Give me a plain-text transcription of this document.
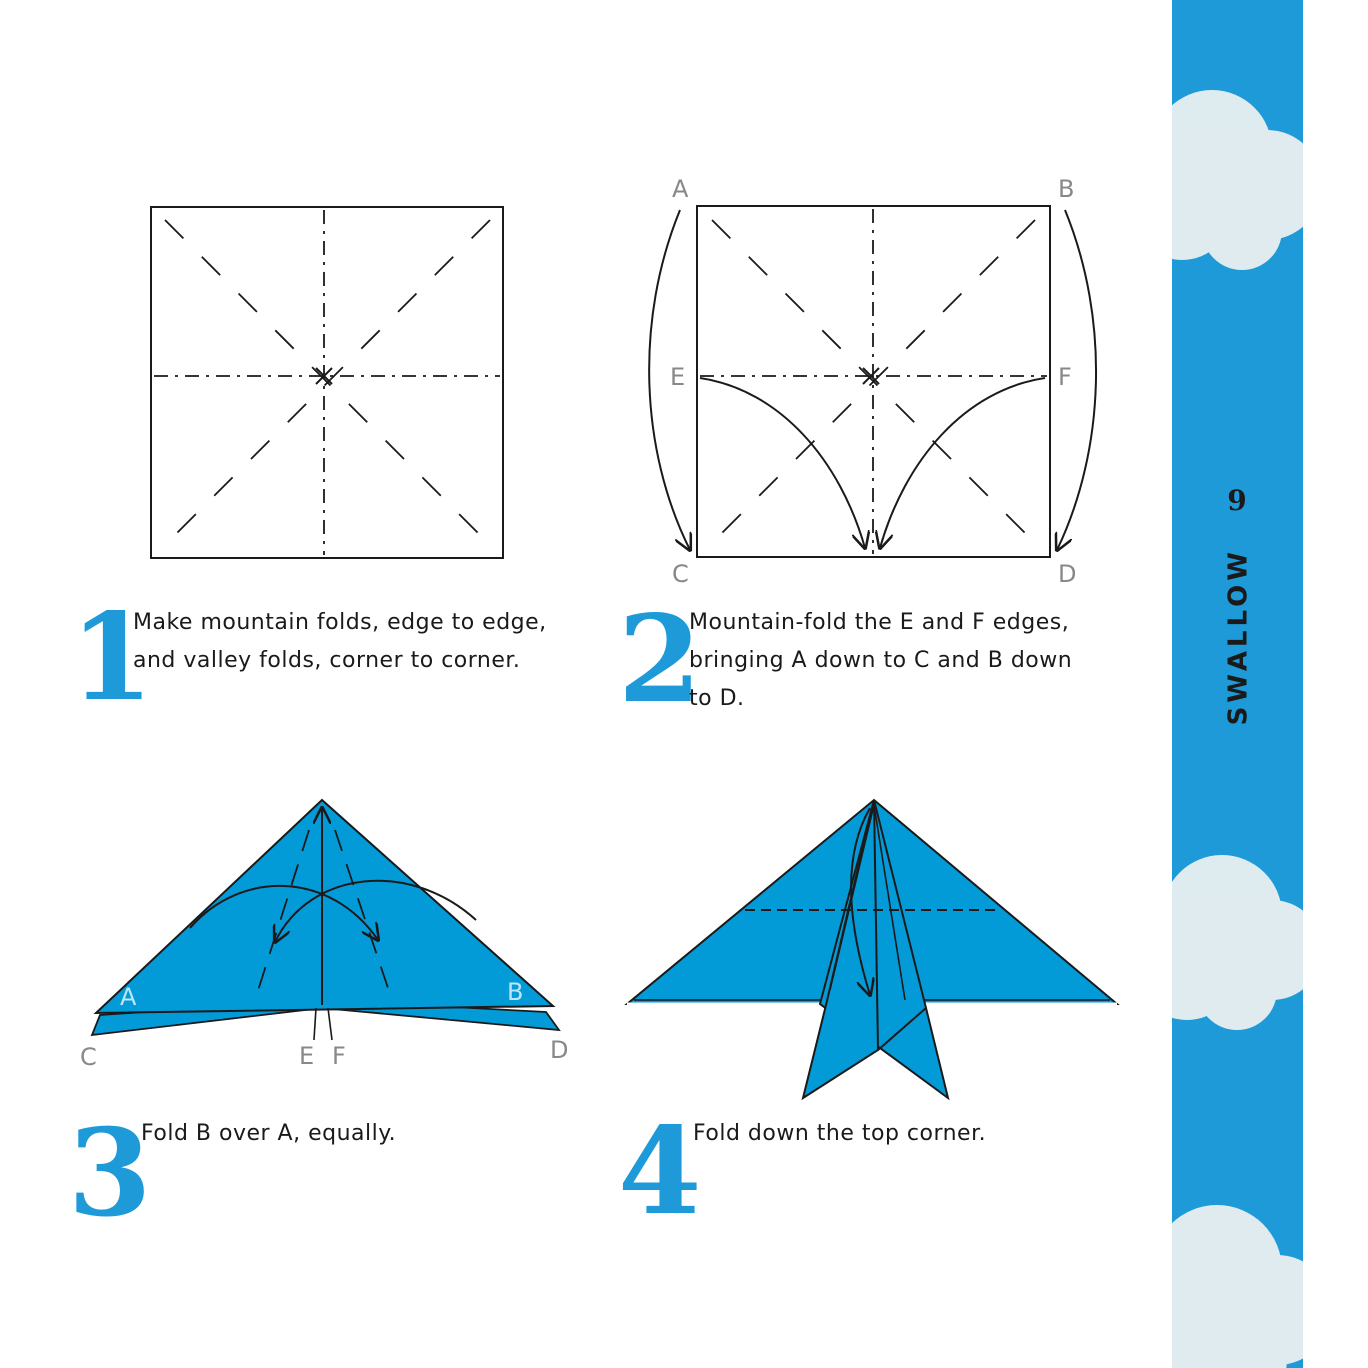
SWALLOW9
A	B
C	D
E	F
A	B
C	D
E F
1	2
3	4
Make mountain folds, edge to edge,
and valley folds, corner to corner.
Mountain-fold the E and F edges,
bringing A down to C and B down
to D.
Fold B over A, equally.	Fold down the top corner.
